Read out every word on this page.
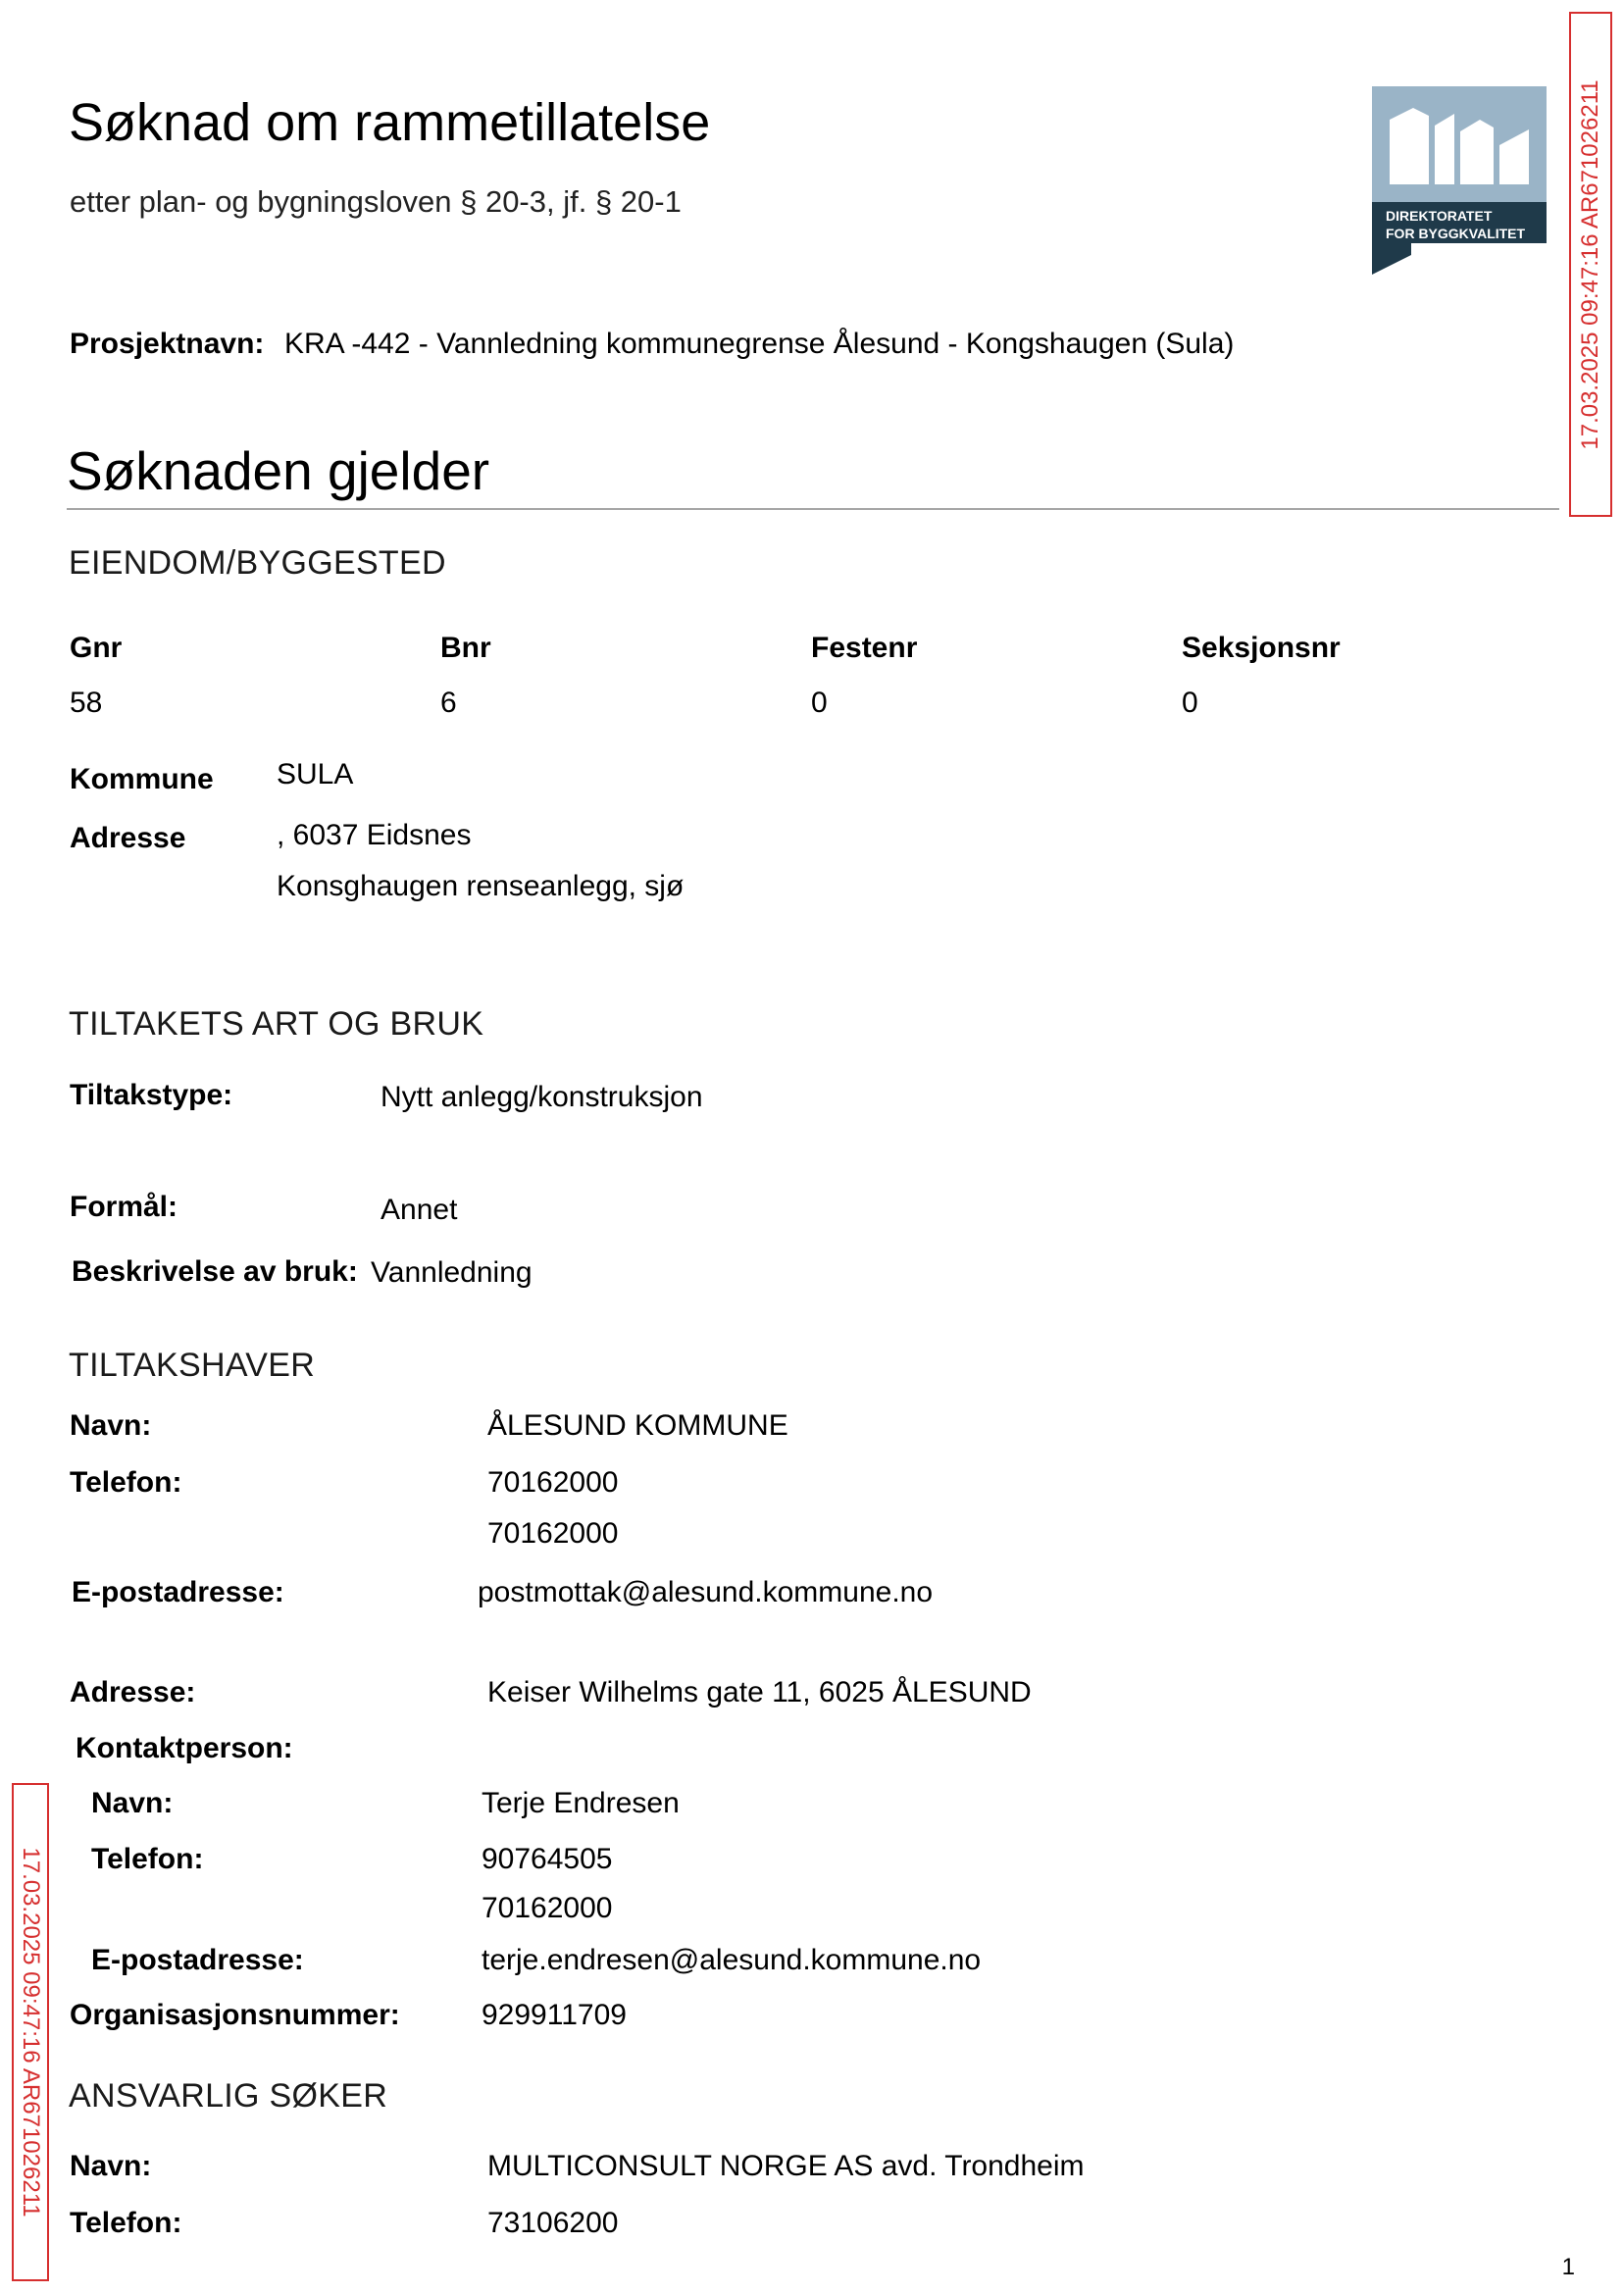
Søknad om rammetillatelse
etter plan- og bygningsloven § 20-3, jf. § 20-1	DIREKTORATET
FOR BYGGKVALITET 17.03.2025 09:47:16 AR671026211
17.03.2025 09:47:16 AR671026211
Prosjektnavn: KRA -442 - Vannledning kommunegrense Ålesund - Kongshaugen (Sula)
Søknaden gjelder
EIENDOM/BYGGESTED
Gnr	Bnr	Festenr	Seksjonsnr
58	6	0	0
Kommune SULA
Adresse	, 6037 Eidsnes
Konsghaugen renseanlegg, sjø
TILTAKETS ART OG BRUK
Tiltakstype:	Nytt anlegg/konstruksjon
Formål:	Annet
Beskrivelse av bruk: Vannledning
TILTAKSHAVER
Navn:	ÅLESUND KOMMUNE
Telefon:	70162000
70162000
E-postadresse:	postmottak@alesund.kommune.no
Adresse:	Keiser Wilhelms gate 11, 6025 ÅLESUND
Kontaktperson:
Navn:	Terje Endresen
Telefon:	90764505
70162000
E-postadresse:	terje.endresen@alesund.kommune.no
Organisasjonsnummer:	929911709
ANSVARLIG SØKER
Navn:	MULTICONSULT NORGE AS avd. Trondheim
Telefon:	73106200
1
